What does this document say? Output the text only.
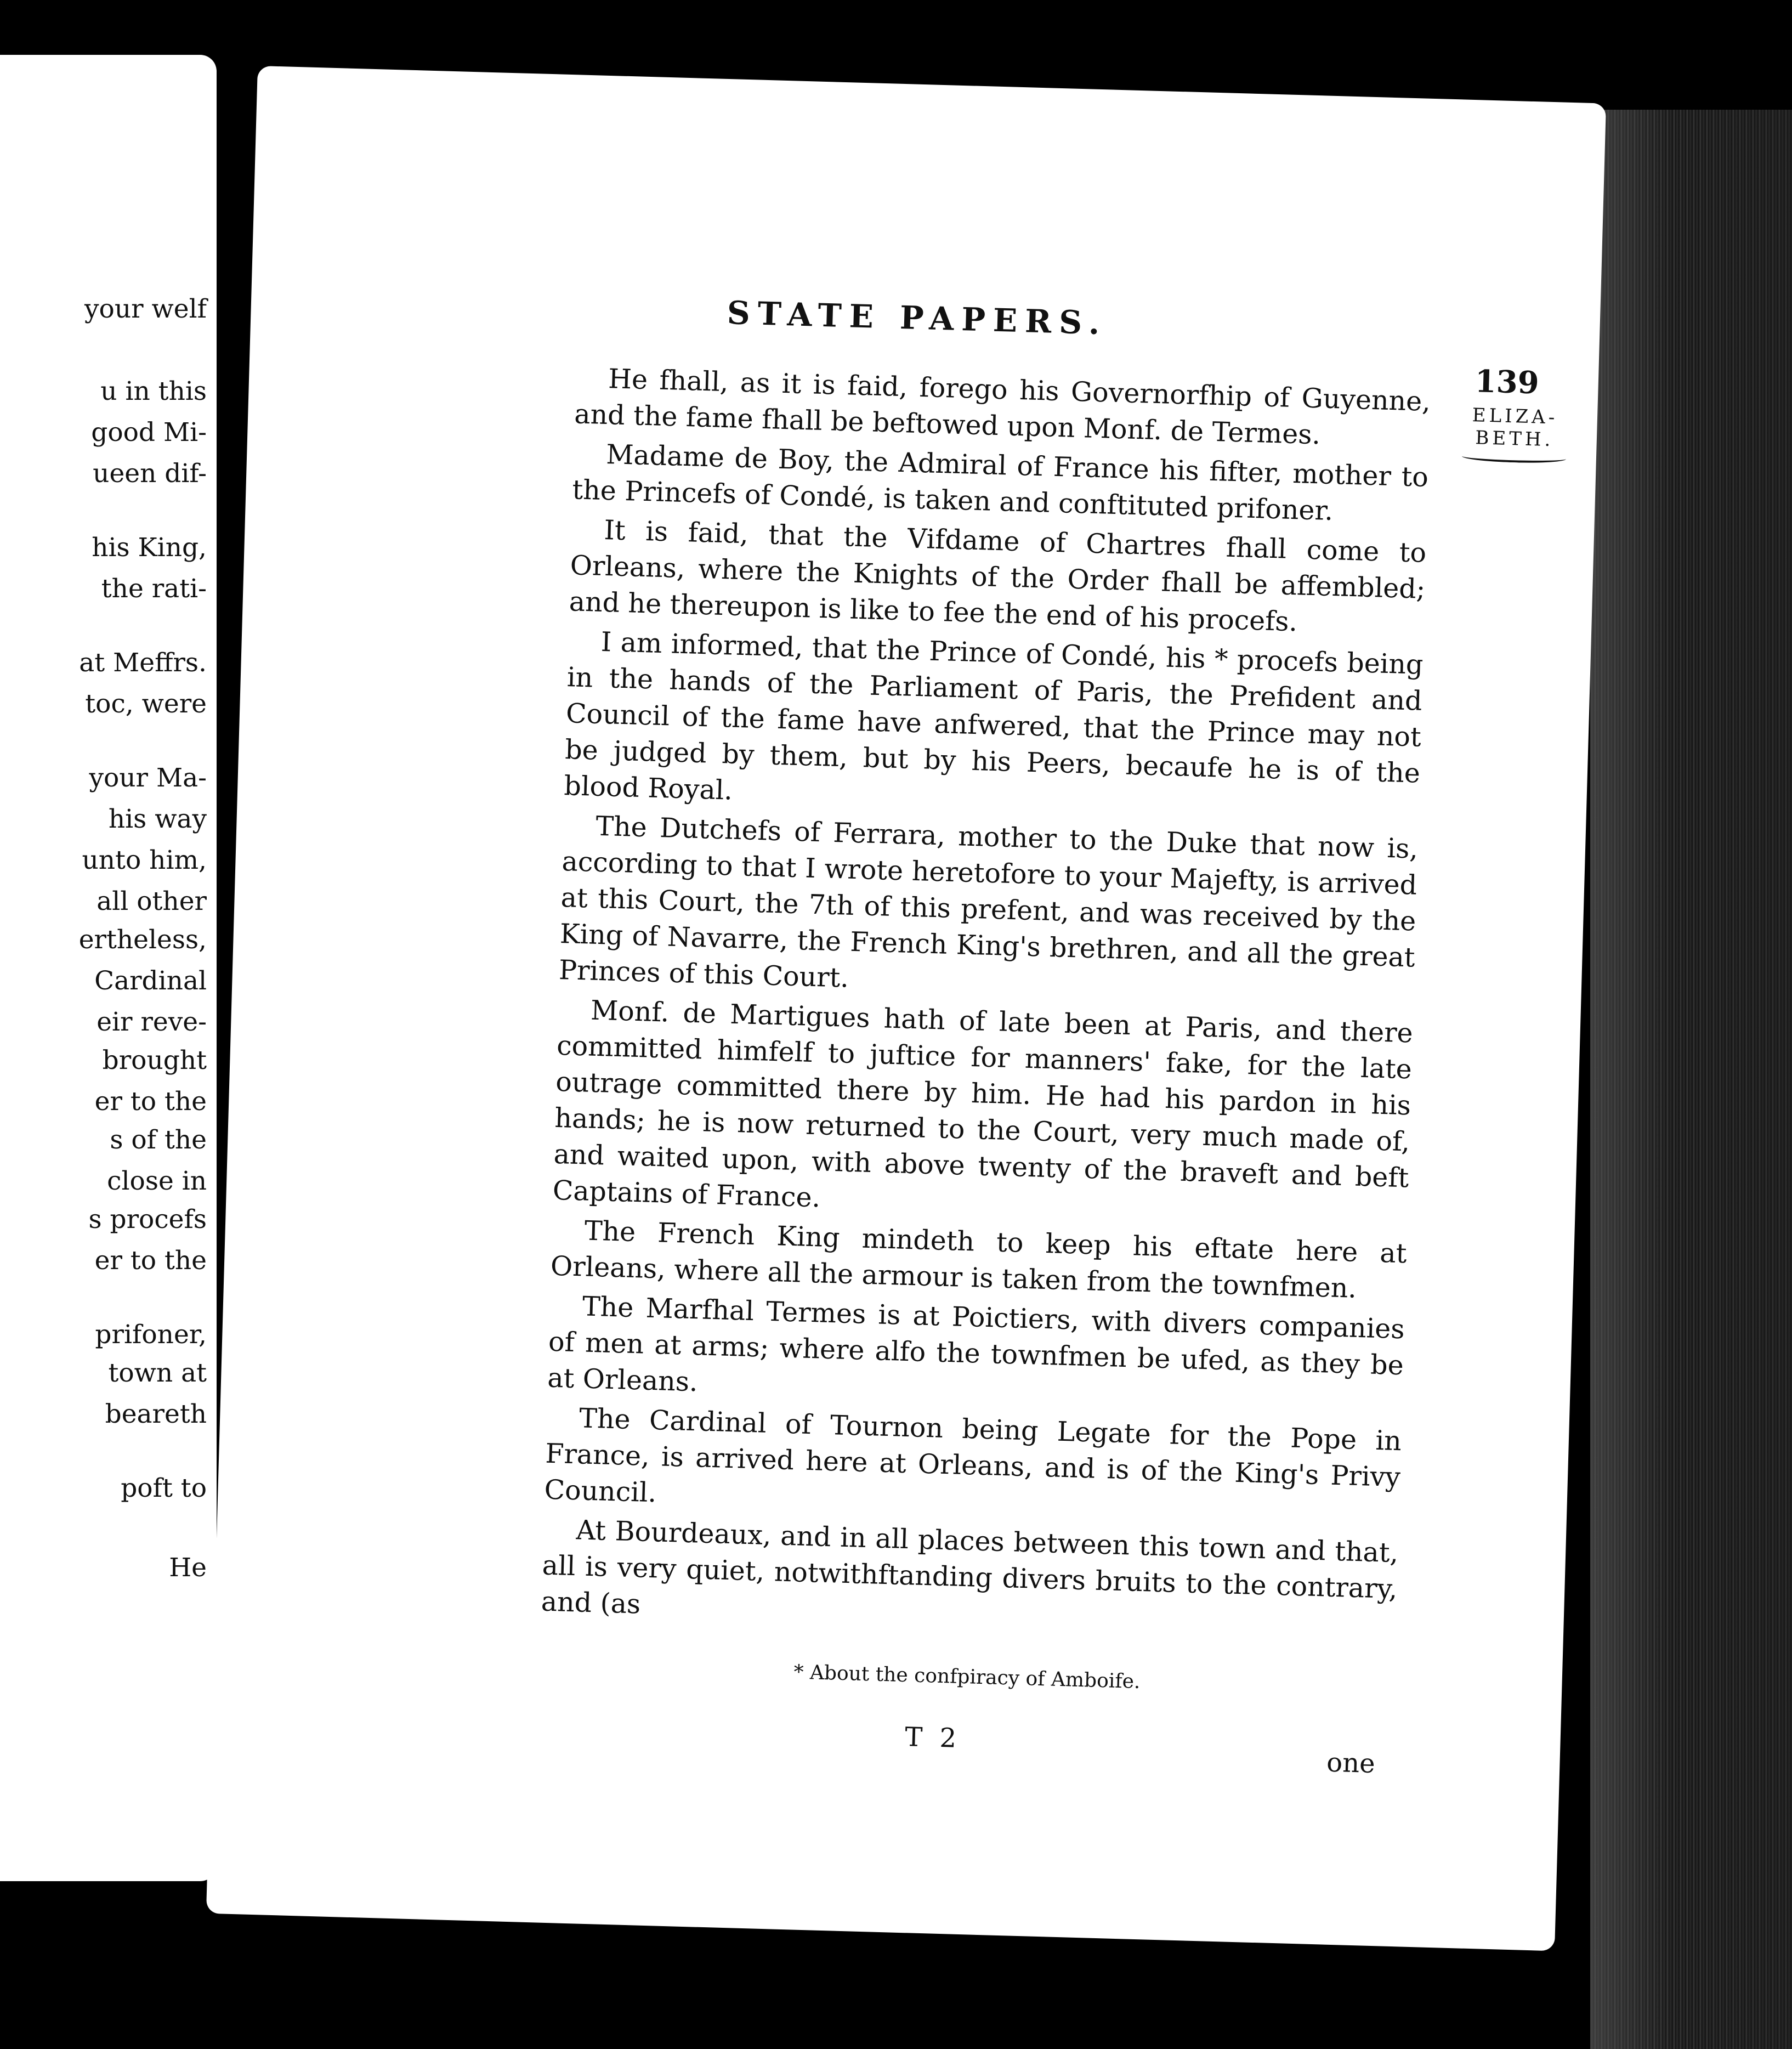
your welf
u in this
good Mi-
ueen dif-
his King,
the rati-
at Meffrs.
toc, were
your Ma-
his way
unto him,
all other
ertheless,
Cardinal
eir reve-
brought
er to the
s of the
close in
s procefs
er to the
prifoner,
town at
beareth
poft to
He
STATE PAPERS.
139
ELIZA-
BETH.

He fhall, as it is faid, forego his Governorfhip of Guyenne, and the fame fhall be beftowed upon Monf. de Termes.

Madame de Boy, the Admiral of France his fifter, mother to the Princefs of Condé, is taken and conftituted prifoner.

It is faid, that the Vifdame of Chartres fhall come to Orleans, where the Knights of the Order fhall be affembled; and he thereupon is like to fee the end of his procefs.

I am informed, that the Prince of Condé, his * procefs being in the hands of the Parliament of Paris, the Prefident and Council of the fame have anfwered, that the Prince may not be judged by them, but by his Peers, becaufe he is of the blood Royal.

The Dutchefs of Ferrara, mother to the Duke that now is, according to that I wrote heretofore to your Majefty, is arrived at this Court, the 7th of this prefent, and was received by the King of Navarre, the French King's brethren, and all the great Princes of this Court.

Monf. de Martigues hath of late been at Paris, and there committed himfelf to juftice for manners' fake, for the late outrage committed there by him. He had his pardon in his hands; he is now returned to the Court, very much made of, and waited upon, with above twenty of the braveft and beft Captains of France.

The French King mindeth to keep his eftate here at Orleans, where all the armour is taken from the townfmen.

The Marfhal Termes is at Poictiers, with divers companies of men at arms; where alfo the townfmen be ufed, as they be at Orleans.

The Cardinal of Tournon being Legate for the Pope in France, is arrived here at Orleans, and is of the King's Privy Council.

At Bourdeaux, and in all places between this town and that, all is very quiet, notwithftanding divers bruits to the contrary, and (as

* About the confpiracy of Amboife.
T 2
one
